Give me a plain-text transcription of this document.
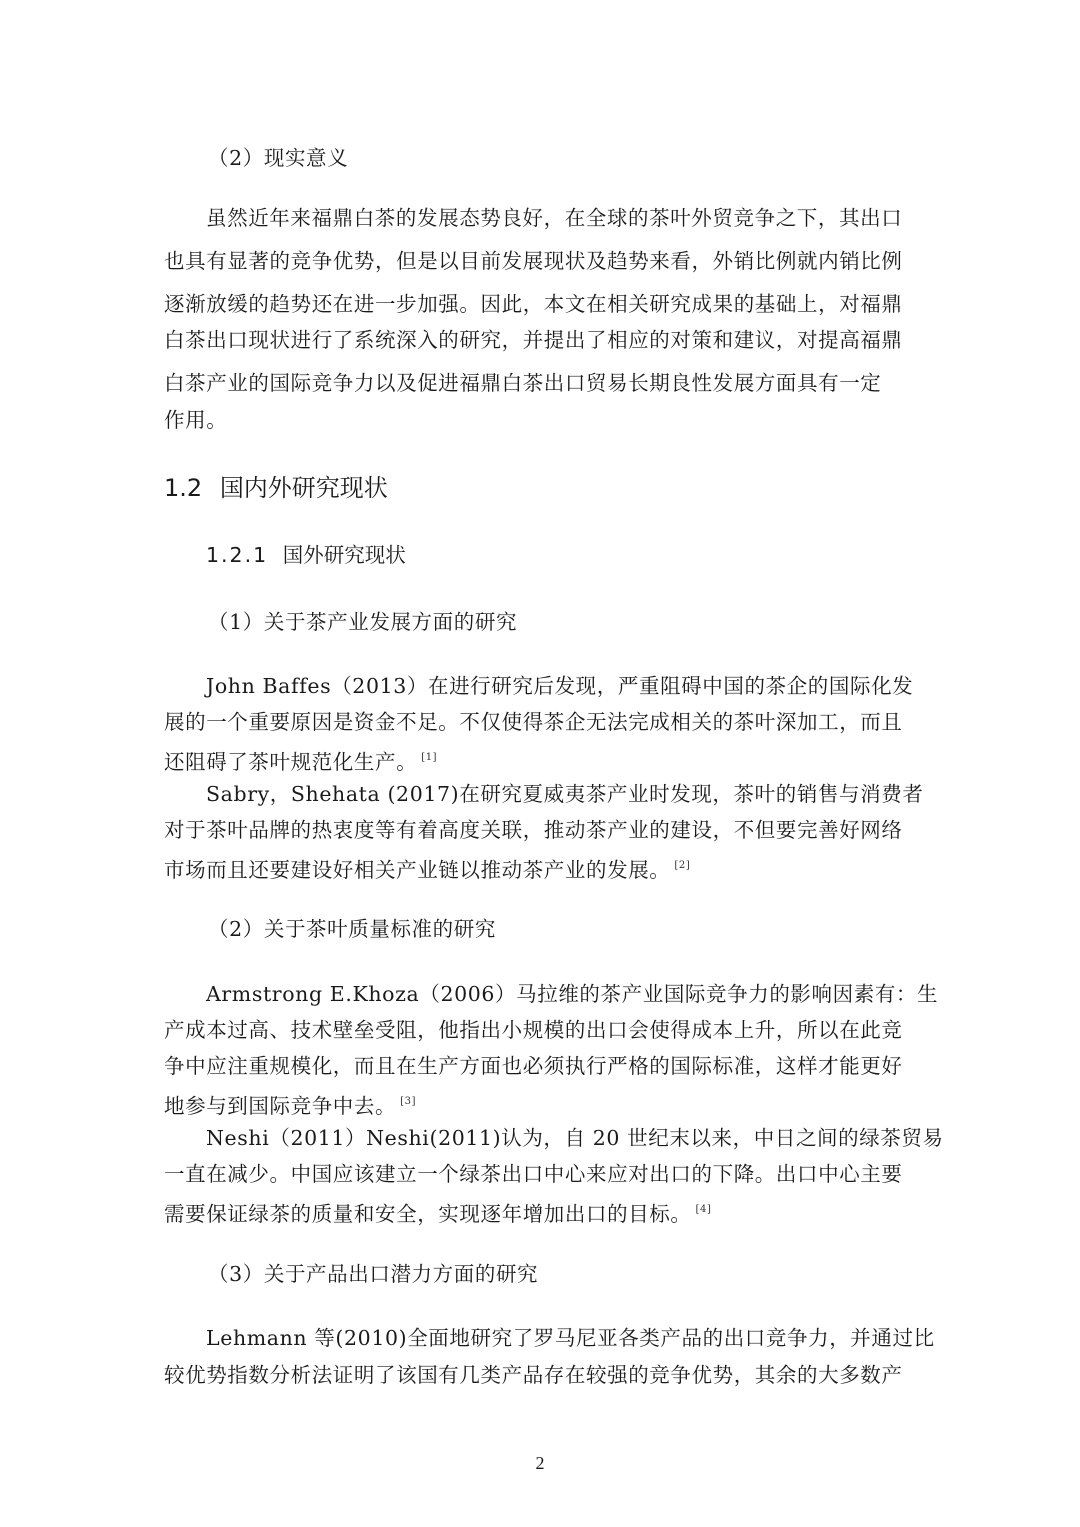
（2）现实意义
虽然近年来福鼎白茶的发展态势良好，在全球的茶叶外贸竞争之下，其出口
也具有显著的竞争优势，但是以目前发展现状及趋势来看，外销比例就内销比例
逐渐放缓的趋势还在进一步加强。因此，本文在相关研究成果的基础上，对福鼎
白茶出口现状进行了系统深入的研究，并提出了相应的对策和建议，对提高福鼎
白茶产业的国际竞争力以及促进福鼎白茶出口贸易长期良性发展方面具有一定
作用。
1.2 国内外研究现状
1.2.1 国外研究现状
（1）关于茶产业发展方面的研究
John Baffes（2013）在进行研究后发现，严重阻碍中国的茶企的国际化发
展的一个重要原因是资金不足。不仅使得茶企无法完成相关的茶叶深加工，而且
还阻碍了茶叶规范化生产。 [1]
Sabry，Shehata (2017)在研究夏威夷茶产业时发现，茶叶的销售与消费者
对于茶叶品牌的热衷度等有着高度关联，推动茶产业的建设，不但要完善好网络
市场而且还要建设好相关产业链以推动茶产业的发展。 [2]
（2）关于茶叶质量标准的研究
Armstrong E.Khoza（2006）马拉维的茶产业国际竞争力的影响因素有：生
产成本过高、技术壁垒受阻，他指出小规模的出口会使得成本上升，所以在此竞
争中应注重规模化，而且在生产方面也必须执行严格的国际标准，这样才能更好
地参与到国际竞争中去。 [3]
Neshi（2011）Neshi(2011)认为，自 20 世纪末以来，中日之间的绿茶贸易
一直在减少。中国应该建立一个绿茶出口中心来应对出口的下降。出口中心主要
需要保证绿茶的质量和安全，实现逐年增加出口的目标。 [4]
（3）关于产品出口潜力方面的研究
Lehmann 等(2010)全面地研究了罗马尼亚各类产品的出口竞争力，并通过比
较优势指数分析法证明了该国有几类产品存在较强的竞争优势，其余的大多数产
2
